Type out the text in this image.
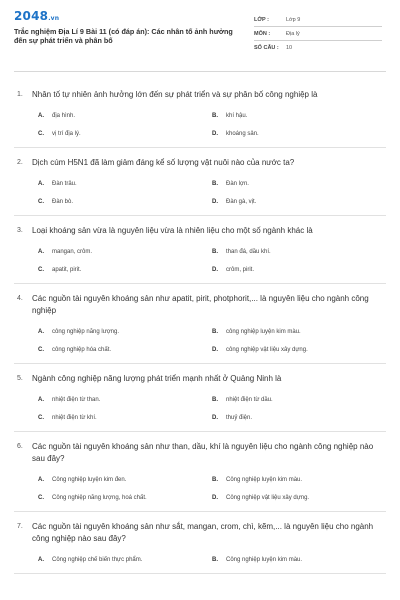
2048.vn
Trắc nghiệm Địa Lí 9 Bài 11 (có đáp án): Các nhân tố ảnh hưởng đến sự phát triển và phân bố
LỚP :	Lớp 9
MÔN :	Địa lý
SỐ CÂU :	10
1.	Nhân tố tự nhiên ảnh hưởng lớn đến sự phát triển và sự phân bố công nghiệp là
A.	địa hình.	B.	khí hậu.
C.	vị trí địa lý.	D.	khoáng sản.
2.	Dịch cúm H5N1 đã làm giảm đáng kể số lượng vật nuôi nào của nước ta?
A.	Đàn trâu.	B.	Đàn lợn.
C.	Đàn bò.	D.	Đàn gà, vịt.
3.	Loại khoáng sản vừa là nguyên liệu vừa là nhiên liệu cho một số ngành khác là
A.	mangan, crôm.	B.	than đá, dầu khí.
C.	apatit, pirit.	D.	crôm, pirit.
4.	Các nguồn tài nguyên khoáng sản như apatit, pirit, photphorit,... là nguyên liệu cho ngành công nghiệp
A.	công nghiệp năng lượng.	B.	công nghiệp luyện kim màu.
C.	công nghiệp hóa chất.	D.	công nghiệp vật liệu xây dựng.
5.	Ngành công nghiệp năng lượng phát triển mạnh nhất ở Quảng Ninh là
A.	nhiệt điện từ than.	B.	nhiệt điện từ dầu.
C.	nhiệt điện từ khí.	D.	thuỷ điện.
6.	Các nguồn tài nguyên khoáng sản như than, dầu, khí là nguyên liệu cho ngành công nghiệp nào sau đây?
A.	Công nghiệp luyện kim đen.	B.	Công nghiệp luyện kim màu.
C.	Công nghiệp năng lượng, hoá chất.	D.	Công nghiệp vật liệu xây dựng.
7.	Các nguồn tài nguyên khoáng sản như sắt, mangan, crom, chì, kẽm,... là nguyên liệu cho ngành công nghiệp nào sau đây?
A.	Công nghiệp chế biến thực phẩm.	B.	Công nghiệp luyện kim màu.
